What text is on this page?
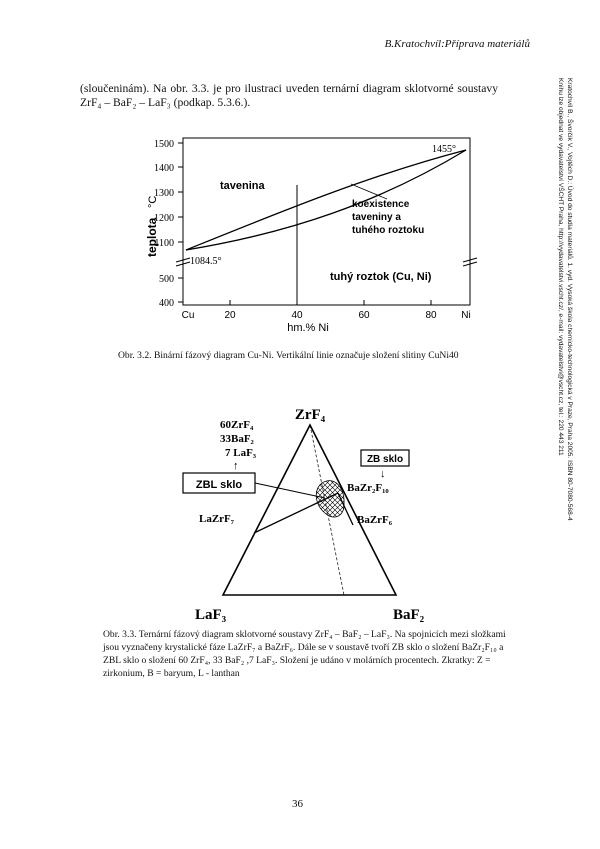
B.Kratochvíl:Příprava materiálů
(sloučeninám). Na obr. 3.3. je pro ilustraci uveden ternární diagram sklotvorné soustavy ZrF₄ – BaF₂ – LaF₃ (podkap. 5.3.6.).
tavenina
koexistence
taveniny a
tuhého roztoku
tuhý roztok (Cu, Ni)
1084.5°
1455°
teplota
°C
hm.% Ni
1500
1400
1300
1200
1100
500
400
Cu	20	40	60	80 Ni
Obr. 3.2. Binární fázový diagram Cu-Ni. Vertikální linie označuje složení slitiny CuNi40
ZrF₄
LaF₃	BaF₂
60ZrF₄
33BaF₂
7 LaF₃
↑
ZBL sklo
ZB sklo
↓
BaZr₂F₁₀
LaZrF₇	BaZrF₆
Obr. 3.3. Ternární fázový diagram sklotvorné soustavy ZrF₄ – BaF₂ – LaF₃. Na spojnicích mezi složkami jsou vyznačeny krystalické fáze LaZrF₇ a BaZrF₆. Dále se v soustavě tvoří ZB sklo o složení BaZr₂F₁₀ a ZBL sklo o složení 60 ZrF₄, 33 BaF₂ ,7 LaF₃. Složení je udáno v molárních procentech. Zkratky: Z = zirkonium, B = baryum, L - lanthan
Kratochvíl B., Švorčík V., Vojtěch D.: Úvod do studia materiálů. 1. vyd. Vysoká škola chemicko-technologická v Praze, Praha 2005. ISBN 80-7080-568-4
Knihu lze objednat ve vydavatelství VŠCHT Praha, http://vydavatelstvi.vscht.cz/, e-mail: vydavatelstvi@vscht.cz, tel.: 220 443 211
36
